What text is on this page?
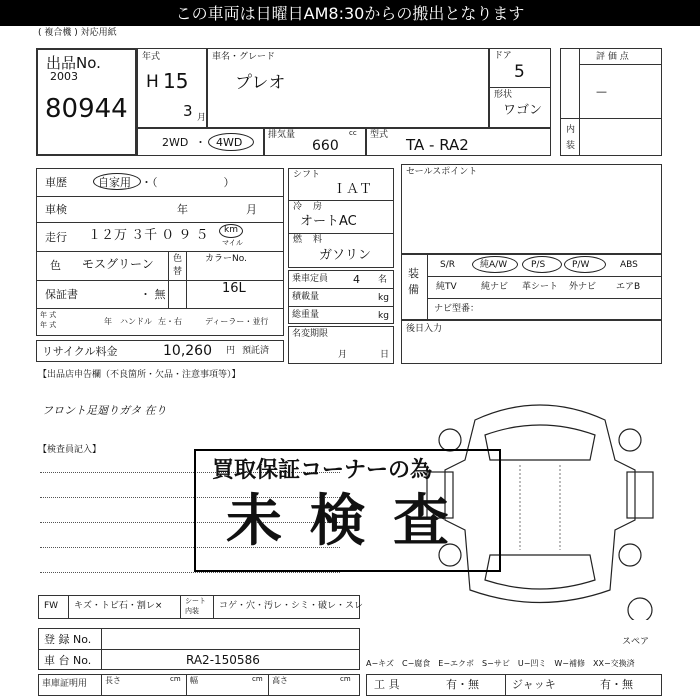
この車両は日曜日AM8:30からの搬出となります
( 複合機 ) 対応用紙
出品No.
2003
80944
年式
H 15
3 月
車名・グレード
プレオ
ドア
5
形状
ワゴン
評 価 点
—
内
装
2WD ・ 4WD
排気量
660
cc 型式
TA - RA2
車歴	自家用 ・（　　　　　　）
車検	年	月
走行 １２万 ３千 ０ ９ ５ km
マイル
色 モスグリーン 色
替
カラーNo.
16L
保証書	・ 無
年 式
年 式	年 ハンドル 左・右	ディーラー・並行
リサイクル料金	10,260 円 預託済
シフト
ＩＡＴ
冷 房
オートAC
燃 料
ガソリン
乗車定員 4 名
積載量	kg
総重量	kg
名変期限
月	日
セールスポイント
装
備
S/R	純A/W	P/S	P/W	ABS
純TV	純ナビ 革シート 外ナビ エアB
ナビ型番：
後日入力
【出品店申告欄（不良箇所・欠品・注意事項等）】
フロント足廻りガタ 在り
【検査員記入】
買取保証コーナーの為
未 検 査
FW キズ・トビ石・割レ×	シート
内装 コゲ・穴・汚レ・シミ・破レ・スレ
登 録 No.
車 台 No.	RA2-150586
車庫証明用 長さ	cm 幅	cm 高さ	cm
スペア
A−キズ　C−腐食　E−エクボ　S−サビ　U−凹ミ　W−補修　XX−交換済
工 具	有・無	ジャッキ	有・無
